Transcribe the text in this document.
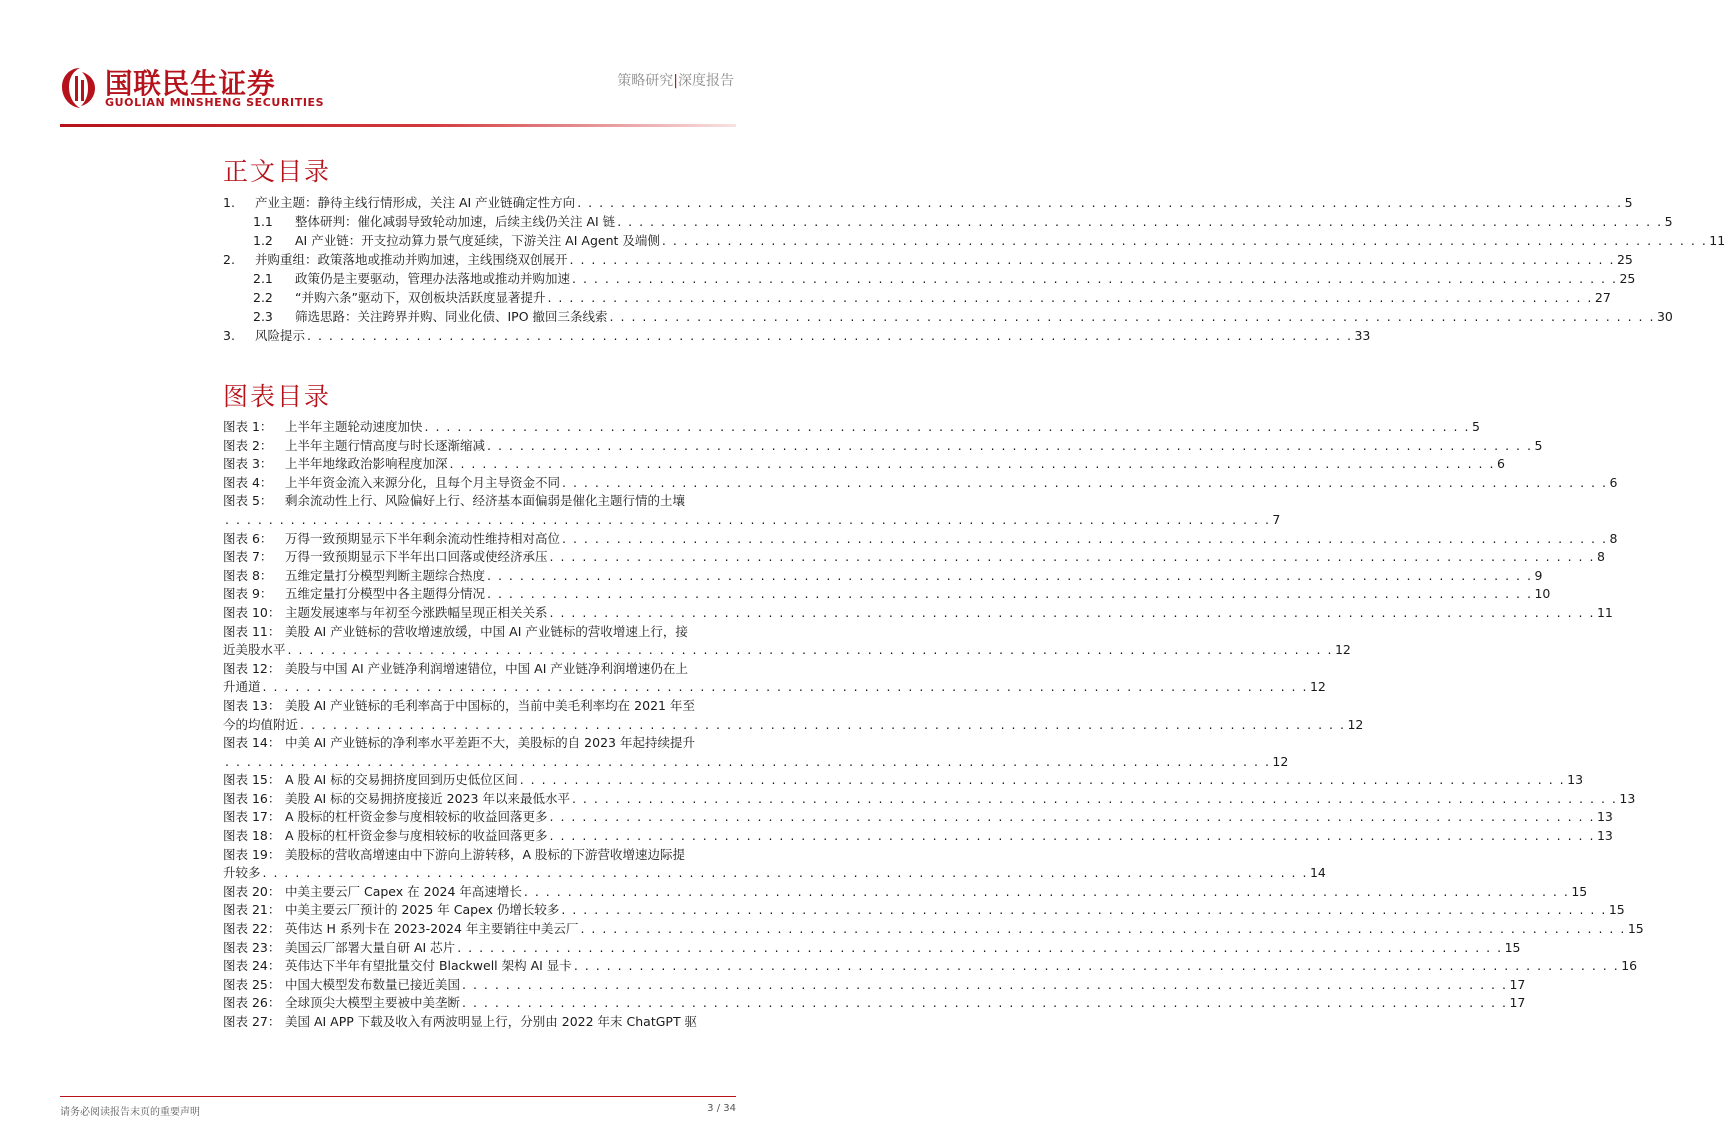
国联民生证券
GUOLIAN MINSHENG SECURITIES
策略研究|深度报告
正文目录
1.	产业主题：静待主线行情形成，关注 AI 产业链确定性方向 . . . . . . . . . . . . . . . . . . . . . . . . . . . . . . . . . . . . . . . . . . . . . . . . . . . . . . . . . . . . . . . . . . . . . . . . . . . . . . . . . . . . . . . . . . . . . . . . 5
1.1	整体研判：催化减弱导致轮动加速，后续主线仍关注 AI 链 . . . . . . . . . . . . . . . . . . . . . . . . . . . . . . . . . . . . . . . . . . . . . . . . . . . . . . . . . . . . . . . . . . . . . . . . . . . . . . . . . . . . . . . . . . . . . . . . 5
1.2	AI 产业链：开支拉动算力景气度延续，下游关注 AI Agent 及端侧 . . . . . . . . . . . . . . . . . . . . . . . . . . . . . . . . . . . . . . . . . . . . . . . . . . . . . . . . . . . . . . . . . . . . . . . . . . . . . . . . . . . . . . . . . . . . . . . . 11
2.	并购重组：政策落地或推动并购加速，主线围绕双创展开 . . . . . . . . . . . . . . . . . . . . . . . . . . . . . . . . . . . . . . . . . . . . . . . . . . . . . . . . . . . . . . . . . . . . . . . . . . . . . . . . . . . . . . . . . . . . . . . . 25
2.1	政策仍是主要驱动，管理办法落地或推动并购加速 . . . . . . . . . . . . . . . . . . . . . . . . . . . . . . . . . . . . . . . . . . . . . . . . . . . . . . . . . . . . . . . . . . . . . . . . . . . . . . . . . . . . . . . . . . . . . . . . 25
2.2	“并购六条”驱动下，双创板块活跃度显著提升 . . . . . . . . . . . . . . . . . . . . . . . . . . . . . . . . . . . . . . . . . . . . . . . . . . . . . . . . . . . . . . . . . . . . . . . . . . . . . . . . . . . . . . . . . . . . . . . . 27
2.3	筛选思路：关注跨界并购、同业化债、IPO 撤回三条线索 . . . . . . . . . . . . . . . . . . . . . . . . . . . . . . . . . . . . . . . . . . . . . . . . . . . . . . . . . . . . . . . . . . . . . . . . . . . . . . . . . . . . . . . . . . . . . . . . 30
3.	风险提示 . . . . . . . . . . . . . . . . . . . . . . . . . . . . . . . . . . . . . . . . . . . . . . . . . . . . . . . . . . . . . . . . . . . . . . . . . . . . . . . . . . . . . . . . . . . . . . . . 33
图表目录
图表 1：	上半年主题轮动速度加快 . . . . . . . . . . . . . . . . . . . . . . . . . . . . . . . . . . . . . . . . . . . . . . . . . . . . . . . . . . . . . . . . . . . . . . . . . . . . . . . . . . . . . . . . . . . . . . . . 5
图表 2：	上半年主题行情高度与时长逐渐缩减 . . . . . . . . . . . . . . . . . . . . . . . . . . . . . . . . . . . . . . . . . . . . . . . . . . . . . . . . . . . . . . . . . . . . . . . . . . . . . . . . . . . . . . . . . . . . . . . . 5
图表 3：	上半年地缘政治影响程度加深 . . . . . . . . . . . . . . . . . . . . . . . . . . . . . . . . . . . . . . . . . . . . . . . . . . . . . . . . . . . . . . . . . . . . . . . . . . . . . . . . . . . . . . . . . . . . . . . . 6
图表 4：	上半年资金流入来源分化，且每个月主导资金不同 . . . . . . . . . . . . . . . . . . . . . . . . . . . . . . . . . . . . . . . . . . . . . . . . . . . . . . . . . . . . . . . . . . . . . . . . . . . . . . . . . . . . . . . . . . . . . . . . 6
图表 5：	剩余流动性上行、风险偏好上行、经济基本面偏弱是催化主题行情的土壤
. . . . . . . . . . . . . . . . . . . . . . . . . . . . . . . . . . . . . . . . . . . . . . . . . . . . . . . . . . . . . . . . . . . . . . . . . . . . . . . . . . . . . . . . . . . . . . . . 7
图表 6：	万得一致预期显示下半年剩余流动性维持相对高位 . . . . . . . . . . . . . . . . . . . . . . . . . . . . . . . . . . . . . . . . . . . . . . . . . . . . . . . . . . . . . . . . . . . . . . . . . . . . . . . . . . . . . . . . . . . . . . . . 8
图表 7：	万得一致预期显示下半年出口回落或使经济承压 . . . . . . . . . . . . . . . . . . . . . . . . . . . . . . . . . . . . . . . . . . . . . . . . . . . . . . . . . . . . . . . . . . . . . . . . . . . . . . . . . . . . . . . . . . . . . . . . 8
图表 8：	五维定量打分模型判断主题综合热度 . . . . . . . . . . . . . . . . . . . . . . . . . . . . . . . . . . . . . . . . . . . . . . . . . . . . . . . . . . . . . . . . . . . . . . . . . . . . . . . . . . . . . . . . . . . . . . . . 9
图表 9：	五维定量打分模型中各主题得分情况 . . . . . . . . . . . . . . . . . . . . . . . . . . . . . . . . . . . . . . . . . . . . . . . . . . . . . . . . . . . . . . . . . . . . . . . . . . . . . . . . . . . . . . . . . . . . . . . . 10
图表 10： 主题发展速率与年初至今涨跌幅呈现正相关关系 . . . . . . . . . . . . . . . . . . . . . . . . . . . . . . . . . . . . . . . . . . . . . . . . . . . . . . . . . . . . . . . . . . . . . . . . . . . . . . . . . . . . . . . . . . . . . . . . 11
图表 11： 美股 AI 产业链标的营收增速放缓，中国 AI 产业链标的营收增速上行，接
近美股水平 . . . . . . . . . . . . . . . . . . . . . . . . . . . . . . . . . . . . . . . . . . . . . . . . . . . . . . . . . . . . . . . . . . . . . . . . . . . . . . . . . . . . . . . . . . . . . . . . 12
图表 12： 美股与中国 AI 产业链净利润增速错位，中国 AI 产业链净利润增速仍在上
升通道 . . . . . . . . . . . . . . . . . . . . . . . . . . . . . . . . . . . . . . . . . . . . . . . . . . . . . . . . . . . . . . . . . . . . . . . . . . . . . . . . . . . . . . . . . . . . . . . . 12
图表 13： 美股 AI 产业链标的毛利率高于中国标的，当前中美毛利率均在 2021 年至
今的均值附近 . . . . . . . . . . . . . . . . . . . . . . . . . . . . . . . . . . . . . . . . . . . . . . . . . . . . . . . . . . . . . . . . . . . . . . . . . . . . . . . . . . . . . . . . . . . . . . . . 12
图表 14： 中美 AI 产业链标的净利率水平差距不大，美股标的自 2023 年起持续提升
. . . . . . . . . . . . . . . . . . . . . . . . . . . . . . . . . . . . . . . . . . . . . . . . . . . . . . . . . . . . . . . . . . . . . . . . . . . . . . . . . . . . . . . . . . . . . . . . 12
图表 15： A 股 AI 标的交易拥挤度回到历史低位区间 . . . . . . . . . . . . . . . . . . . . . . . . . . . . . . . . . . . . . . . . . . . . . . . . . . . . . . . . . . . . . . . . . . . . . . . . . . . . . . . . . . . . . . . . . . . . . . . . 13
图表 16： 美股 AI 标的交易拥挤度接近 2023 年以来最低水平 . . . . . . . . . . . . . . . . . . . . . . . . . . . . . . . . . . . . . . . . . . . . . . . . . . . . . . . . . . . . . . . . . . . . . . . . . . . . . . . . . . . . . . . . . . . . . . . . 13
图表 17： A 股标的杠杆资金参与度相较标的收益回落更多 . . . . . . . . . . . . . . . . . . . . . . . . . . . . . . . . . . . . . . . . . . . . . . . . . . . . . . . . . . . . . . . . . . . . . . . . . . . . . . . . . . . . . . . . . . . . . . . . 13
图表 18： A 股标的杠杆资金参与度相较标的收益回落更多 . . . . . . . . . . . . . . . . . . . . . . . . . . . . . . . . . . . . . . . . . . . . . . . . . . . . . . . . . . . . . . . . . . . . . . . . . . . . . . . . . . . . . . . . . . . . . . . . 13
图表 19： 美股标的营收高增速由中下游向上游转移，A 股标的下游营收增速边际提
升较多 . . . . . . . . . . . . . . . . . . . . . . . . . . . . . . . . . . . . . . . . . . . . . . . . . . . . . . . . . . . . . . . . . . . . . . . . . . . . . . . . . . . . . . . . . . . . . . . . 14
图表 20： 中美主要云厂 Capex 在 2024 年高速增长 . . . . . . . . . . . . . . . . . . . . . . . . . . . . . . . . . . . . . . . . . . . . . . . . . . . . . . . . . . . . . . . . . . . . . . . . . . . . . . . . . . . . . . . . . . . . . . . . 15
图表 21： 中美主要云厂预计的 2025 年 Capex 仍增长较多 . . . . . . . . . . . . . . . . . . . . . . . . . . . . . . . . . . . . . . . . . . . . . . . . . . . . . . . . . . . . . . . . . . . . . . . . . . . . . . . . . . . . . . . . . . . . . . . . 15
图表 22： 英伟达 H 系列卡在 2023-2024 年主要销往中美云厂 . . . . . . . . . . . . . . . . . . . . . . . . . . . . . . . . . . . . . . . . . . . . . . . . . . . . . . . . . . . . . . . . . . . . . . . . . . . . . . . . . . . . . . . . . . . . . . . . 15
图表 23： 美国云厂部署大量自研 AI 芯片 . . . . . . . . . . . . . . . . . . . . . . . . . . . . . . . . . . . . . . . . . . . . . . . . . . . . . . . . . . . . . . . . . . . . . . . . . . . . . . . . . . . . . . . . . . . . . . . . 15
图表 24： 英伟达下半年有望批量交付 Blackwell 架构 AI 显卡 . . . . . . . . . . . . . . . . . . . . . . . . . . . . . . . . . . . . . . . . . . . . . . . . . . . . . . . . . . . . . . . . . . . . . . . . . . . . . . . . . . . . . . . . . . . . . . . . 16
图表 25： 中国大模型发布数量已接近美国 . . . . . . . . . . . . . . . . . . . . . . . . . . . . . . . . . . . . . . . . . . . . . . . . . . . . . . . . . . . . . . . . . . . . . . . . . . . . . . . . . . . . . . . . . . . . . . . . 17
图表 26： 全球顶尖大模型主要被中美垄断 . . . . . . . . . . . . . . . . . . . . . . . . . . . . . . . . . . . . . . . . . . . . . . . . . . . . . . . . . . . . . . . . . . . . . . . . . . . . . . . . . . . . . . . . . . . . . . . . 17
图表 27： 美国 AI APP 下载及收入有两波明显上行，分别由 2022 年末 ChatGPT 驱
请务必阅读报告末页的重要声明	3 / 34
